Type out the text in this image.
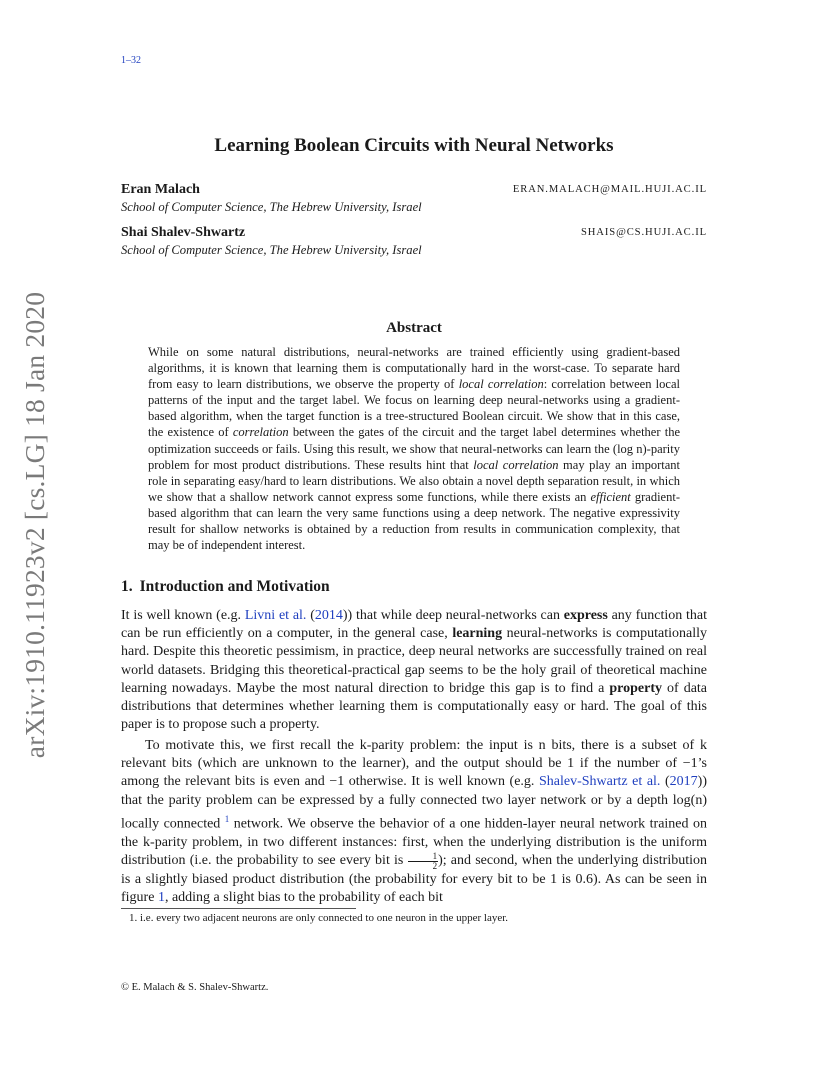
1–32
arXiv:1910.11923v2 [cs.LG] 18 Jan 2020
Learning Boolean Circuits with Neural Networks
Eran Malach	ERAN.MALACH@MAIL.HUJI.AC.IL
School of Computer Science, The Hebrew University, Israel
Shai Shalev-Shwartz	SHAIS@CS.HUJI.AC.IL
School of Computer Science, The Hebrew University, Israel
Abstract
While on some natural distributions, neural-networks are trained efficiently using gradient-based algorithms, it is known that learning them is computationally hard in the worst-case. To separate hard from easy to learn distributions, we observe the property of local correlation: correlation between local patterns of the input and the target label. We focus on learning deep neural-networks using a gradient-based algorithm, when the target function is a tree-structured Boolean circuit. We show that in this case, the existence of correlation between the gates of the circuit and the target label determines whether the optimization succeeds or fails. Using this result, we show that neural-networks can learn the (log n)-parity problem for most product distributions. These results hint that local correlation may play an important role in separating easy/hard to learn distributions. We also obtain a novel depth separation result, in which we show that a shallow network cannot express some functions, while there exists an efficient gradient-based algorithm that can learn the very same functions using a deep network. The negative expressivity result for shallow networks is obtained by a reduction from results in communication complexity, that may be of independent interest.
1. Introduction and Motivation
It is well known (e.g. Livni et al. (2014)) that while deep neural-networks can express any function that can be run efficiently on a computer, in the general case, learning neural-networks is computationally hard. Despite this theoretic pessimism, in practice, deep neural networks are successfully trained on real world datasets. Bridging this theoretical-practical gap seems to be the holy grail of theoretical machine learning nowadays. Maybe the most natural direction to bridge this gap is to find a property of data distributions that determines whether learning them is computationally easy or hard. The goal of this paper is to propose such a property.
To motivate this, we first recall the k-parity problem: the input is n bits, there is a subset of k relevant bits (which are unknown to the learner), and the output should be 1 if the number of −1’s among the relevant bits is even and −1 otherwise. It is well known (e.g. Shalev-Shwartz et al. (2017)) that the parity problem can be expressed by a fully connected two layer network or by a depth log(n) locally connected $^1$ network. We observe the behavior of a one hidden-layer neural network trained on the k-parity problem, in two different instances: first, when the underlying distribution is the uniform distribution (i.e. the probability to see every bit is $\frac{1}{2}$ ); and second, when the underlying distribution is a slightly biased product distribution (the probability for every bit to be 1 is 0.6). As can be seen in figure 1, adding a slight bias to the probability of each bit
1. i.e. every two adjacent neurons are only connected to one neuron in the upper layer.
© E. Malach & S. Shalev-Shwartz.
